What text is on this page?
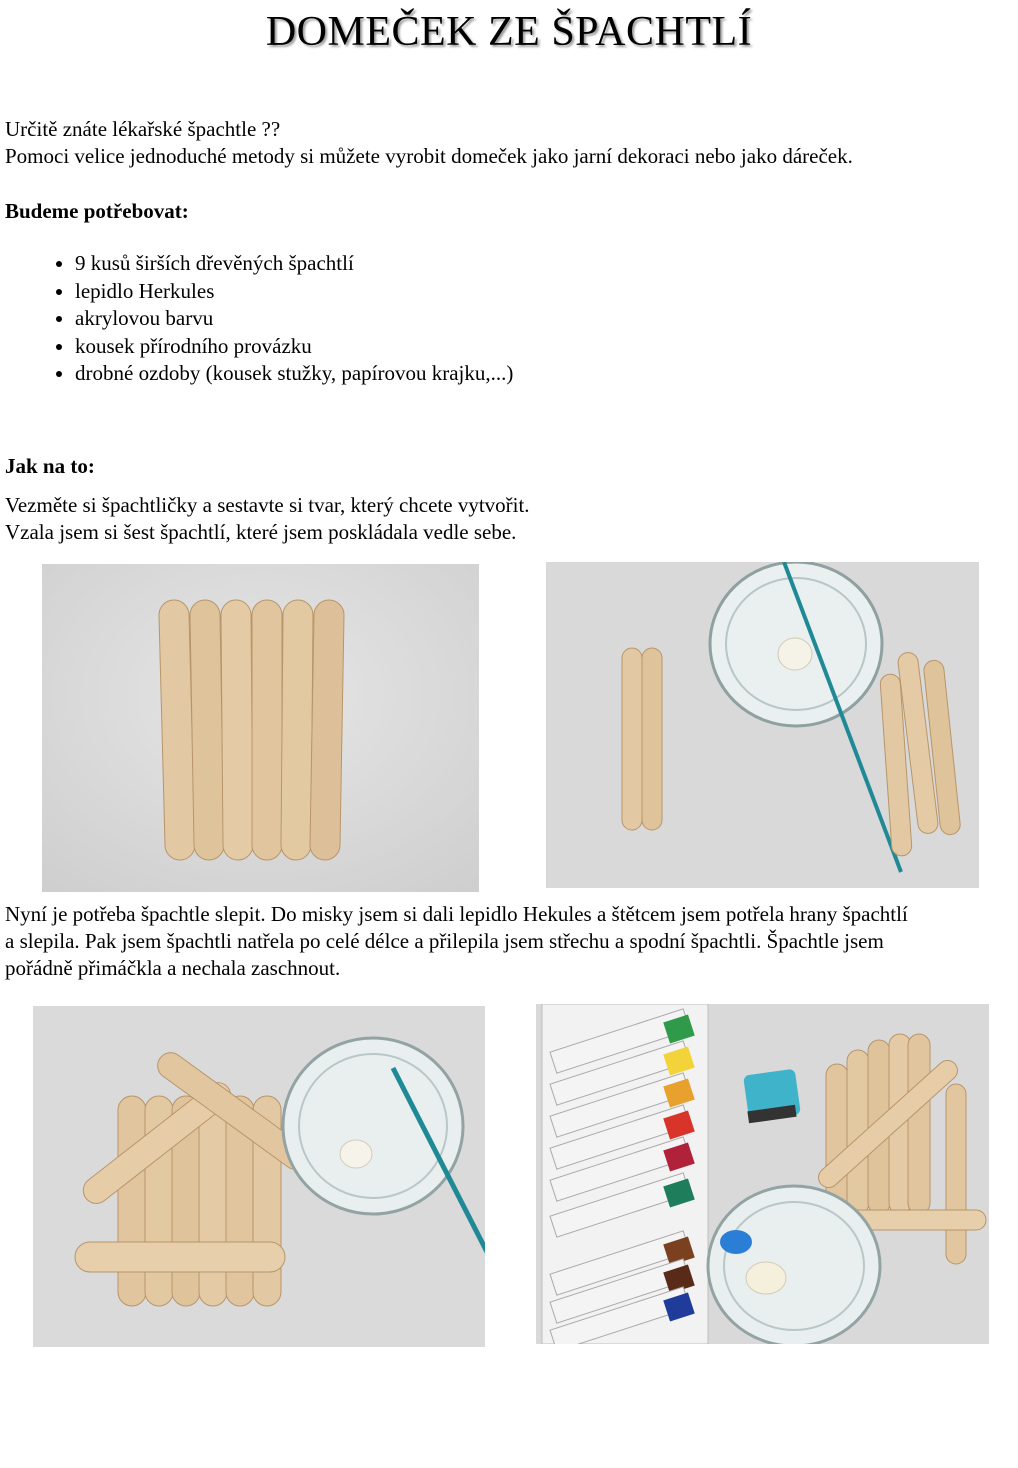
DOMEČEK ZE ŠPACHTLÍ

Určitě znáte lékařské špachtle ??

Pomoci velice jednoduché metody si můžete vyrobit domeček jako jarní dekoraci nebo jako dáreček.

Budeme potřebovat:

• 9 kusů širších dřevěných špachtlí
• lepidlo Herkules
• akrylovou barvu
• kousek přírodního provázku
• drobné ozdoby (kousek stužky, papírovou krajku,...)

Jak na to:

Vezměte si špachtličky a sestavte si tvar, který chcete vytvořit.

Vzala jsem si šest špachtlí, které jsem poskládala vedle sebe.

Nyní je potřeba špachtle slepit. Do misky jsem si dali lepidlo Hekules a štětcem jsem potřela hrany špachtlí

a slepila. Pak jsem špachtli natřela po celé délce a přilepila jsem střechu a spodní špachtli. Špachtle jsem

pořádně přimáčkla a nechala zaschnout.
